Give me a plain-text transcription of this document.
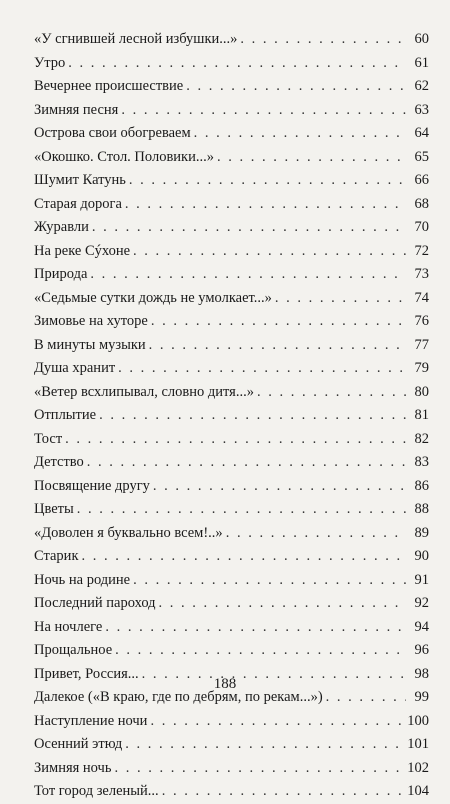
«У сгнившей лесной избушки...» . . .	60
Утро . . .	61
Вечернее происшествие . . .	62
Зимняя песня . . .	63
Острова свои обогреваем . . .	64
«Окошко. Стол. Половики...» . . .	65
Шумит Катунь . . .	66
Старая дорога . . .	68
Журавли . . .	70
На реке Сýхоне . . .	72
Природа . . .	73
«Седьмые сутки дождь не умолкает...» . . .	74
Зимовье на хуторе . . .	76
В минуты музыки . . .	77
Душа хранит . . .	79
«Ветер всхлипывал, словно дитя...» . . .	80
Отплытие . . .	81
Тост . . .	82
Детство . . .	83
Посвящение другу . . .	86
Цветы . . .	88
«Доволен я буквально всем!..» . . .	89
Старик . . .	90
Ночь на родине . . .	91
Последний пароход . . .	92
На ночлеге . . .	94
Прощальное . . .	96
Привет, Россия... . . .	98
Далекое («В краю, где по дебрям, по рекам...») . . .	99
Наступление ночи . . .	100
Осенний этюд . . .	101
Зимняя ночь . . .	102
Тот город зеленый... . . .	104
188
